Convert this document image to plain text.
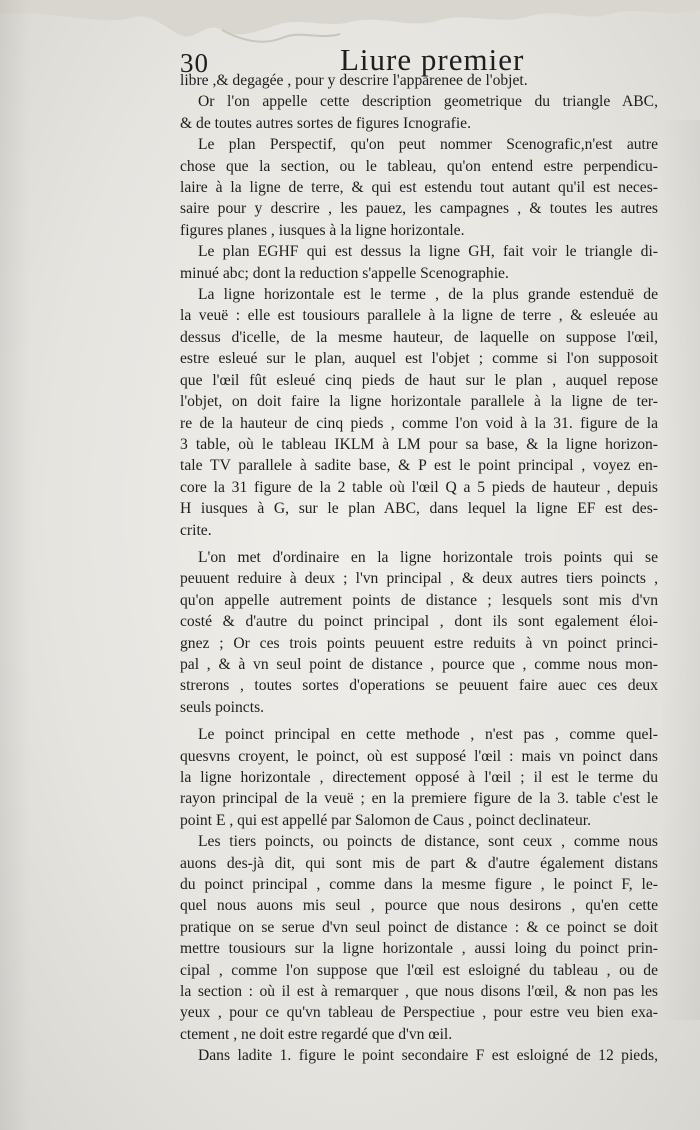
30	Liure premier
libre ,& degagée , pour y descrire l'apparenee de l'objet.
Or l'on appelle cette description geometrique du triangle ABC,
& de toutes autres sortes de figures Icnografie.
Le plan Perspectif, qu'on peut nommer Scenografic,n'est autre
chose que la section, ou le tableau, qu'on entend estre perpendicu-
laire à la ligne de terre, & qui est estendu tout autant qu'il est neces-
saire pour y descrire , les pauez, les campagnes , & toutes les autres
figures planes , iusques à la ligne horizontale.
Le plan EGHF qui est dessus la ligne GH, fait voir le triangle di-
minué abc; dont la reduction s'appelle Scenographie.
La ligne horizontale est le terme , de la plus grande estenduë de
la veuë : elle est tousiours parallele à la ligne de terre , & esleuée au
dessus d'icelle, de la mesme hauteur, de laquelle on suppose l'œil,
estre esleué sur le plan, auquel est l'objet ; comme si l'on supposoit
que l'œil fût esleué cinq pieds de haut sur le plan , auquel repose
l'objet, on doit faire la ligne horizontale parallele à la ligne de ter-
re de la hauteur de cinq pieds , comme l'on void à la 31. figure de la
3 table, où le tableau IKLM à LM pour sa base, & la ligne horizon-
tale TV parallele à sadite base, & P est le point principal , voyez en-
core la 31 figure de la 2 table où l'œil Q a 5 pieds de hauteur , depuis
H iusques à G, sur le plan ABC, dans lequel la ligne EF est des-
crite.
L'on met d'ordinaire en la ligne horizontale trois points qui se
peuuent reduire à deux ; l'vn principal , & deux autres tiers poincts ,
qu'on appelle autrement points de distance ; lesquels sont mis d'vn
costé & d'autre du poinct principal , dont ils sont egalement éloi-
gnez ; Or ces trois points peuuent estre reduits à vn poinct princi-
pal , & à vn seul point de distance , pource que , comme nous mon-
strerons , toutes sortes d'operations se peuuent faire auec ces deux
seuls poincts.
Le poinct principal en cette methode , n'est pas , comme quel-
quesvns croyent, le poinct, où est supposé l'œil : mais vn poinct dans
la ligne horizontale , directement opposé à l'œil ; il est le terme du
rayon principal de la veuë ; en la premiere figure de la 3. table c'est le
point E , qui est appellé par Salomon de Caus , poinct declinateur.
Les tiers poincts, ou poincts de distance, sont ceux , comme nous
auons des-jà dit, qui sont mis de part & d'autre également distans
du poinct principal , comme dans la mesme figure , le poinct F, le-
quel nous auons mis seul , pource que nous desirons , qu'en cette
pratique on se serue d'vn seul poinct de distance : & ce poinct se doit
mettre tousiours sur la ligne horizontale , aussi loing du poinct prin-
cipal , comme l'on suppose que l'œil est esloigné du tableau , ou de
la section : où il est à remarquer , que nous disons l'œil, & non pas les
yeux , pour ce qu'vn tableau de Perspectiue , pour estre veu bien exa-
ctement , ne doit estre regardé que d'vn œil.
Dans ladite 1. figure le point secondaire F est esloigné de 12 pieds,
